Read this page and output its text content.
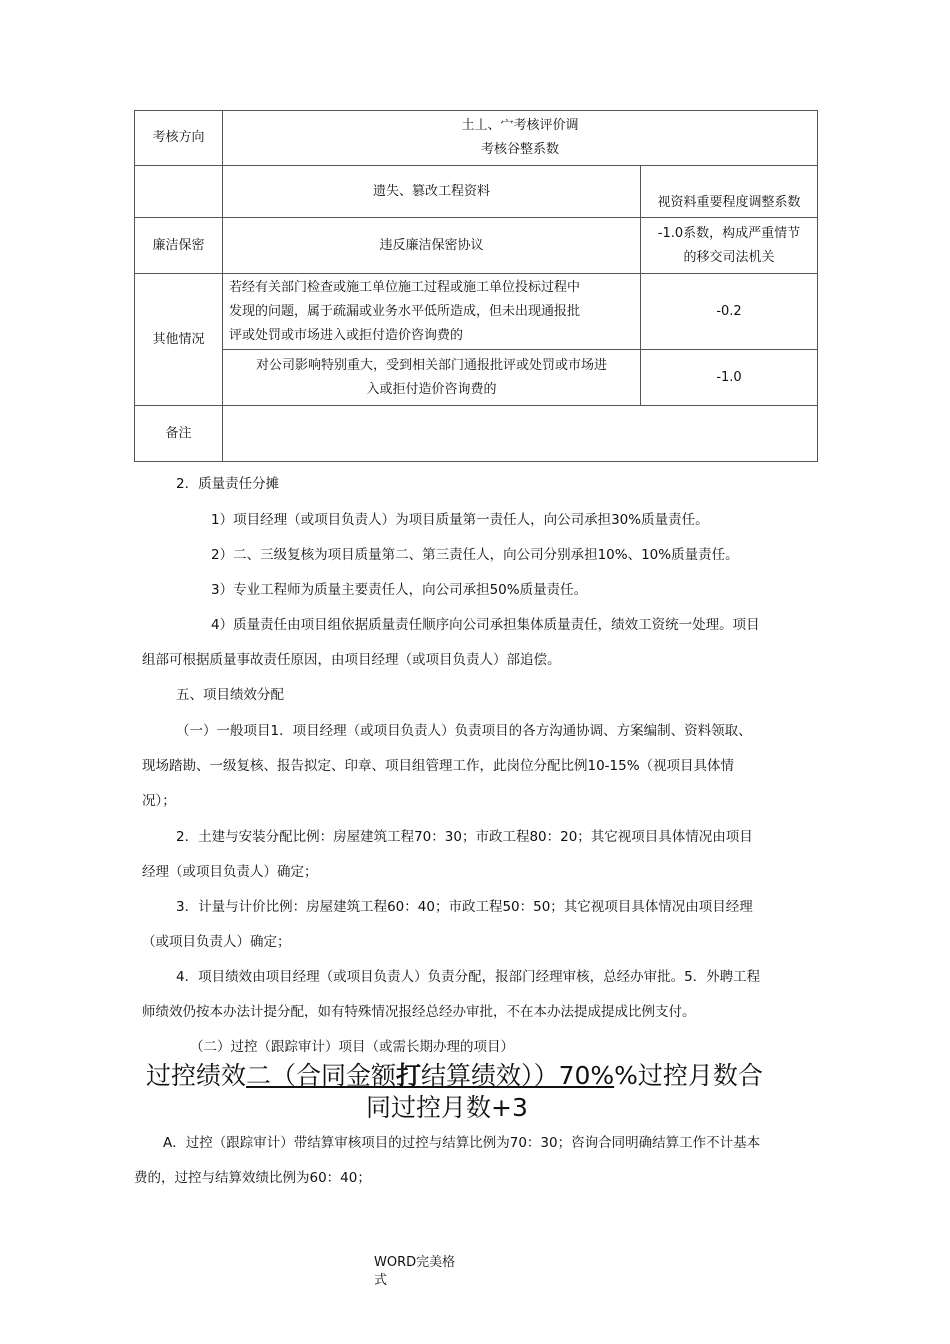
考核方向	土丄、宀考核评价调
考核谷整系数	

	遗失、篡改工程资料	视资料重要程度调整系数
廉洁保密	违反廉洁保密协议	-1.0系数，构成严重情节
的移交司法机关

其他情况	若经有关部门检查或施工单位施工过程或施工单位投标过程中
发现的问题，属于疏漏或业务水平低所造成，但未出现通报批
评或处罚或市场进入或拒付造价咨询费的	-0.2

	对公司影响特别重大，受到相关部门通报批评或处罚或市场进
入或拒付造价咨询费的	-1.0
备注		

2．质量责任分摊

1）项目经理（或项目负责人）为项目质量第一责任人，向公司承担30%质量责任。

2）二、三级复核为项目质量第二、第三责任人，向公司分别承担10%、10%质量责任。

3）专业工程师为质量主要责任人，向公司承担50%质量责任。

4）质量责任由项目组依据质量责任顺序向公司承担集体质量责任，绩效工资统一处理。项目

组部可根据质量事故责任原因，由项目经理（或项目负责人）部追偿。

五、项目绩效分配

（一）一般项目1．项目经理（或项目负责人）负责项目的各方沟通协调、方案编制、资料领取、

现场踏勘、一级复核、报告拟定、印章、项目组管理工作，此岗位分配比例10-15%（视项目具体情

况）；

2．土建与安装分配比例：房屋建筑工程70：30；市政工程80：20；其它视项目具体情况由项目

经理（或项目负责人）确定；

3．计量与计价比例：房屋建筑工程60：40；市政工程50：50；其它视项目具体情况由项目经理

（或项目负责人）确定；

4．项目绩效由项目经理（或项目负责人）负责分配，报部门经理审核，总经办审批。5．外聘工程

师绩效仍按本办法计提分配，如有特殊情况报经总经办审批，不在本办法提成提成比例支付。

（二）过控（跟踪审计）项目（或需长期办理的项目）

过控绩效二（合同金额打结算绩效））70%%过控月数合

同过控月数+3

A．过控（跟踪审计）带结算审核项目的过控与结算比例为70：30；咨询合同明确结算工作不计基本

费的，过控与结算效绩比例为60：40；

WORD完美格

式
